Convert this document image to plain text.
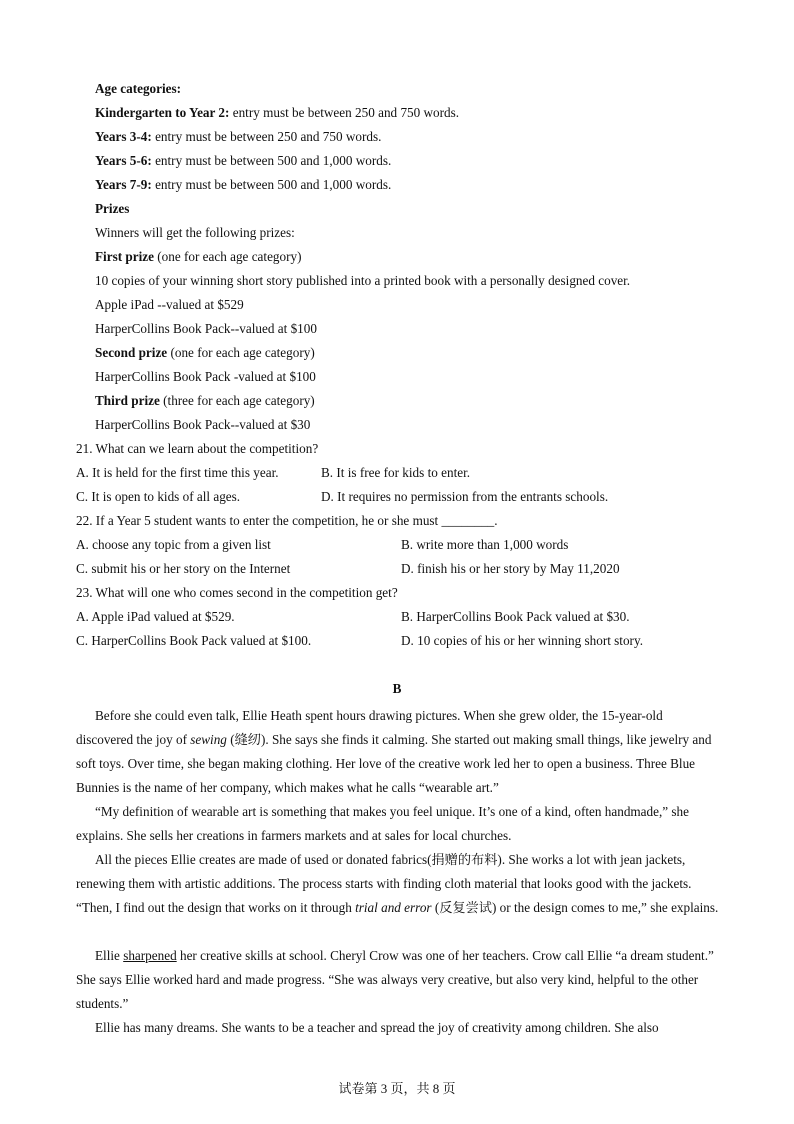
Age categories:
Kindergarten to Year 2: entry must be between 250 and 750 words.
Years 3-4: entry must be between 250 and 750 words.
Years 5-6: entry must be between 500 and 1,000 words.
Years 7-9: entry must be between 500 and 1,000 words.
Prizes
Winners will get the following prizes:
First prize (one for each age category)
10 copies of your winning short story published into a printed book with a personally designed cover.
Apple iPad --valued at $529
HarperCollins Book Pack--valued at $100
Second prize (one for each age category)
HarperCollins Book Pack -valued at $100
Third prize (three for each age category)
HarperCollins Book Pack--valued at $30
21. What can we learn about the competition?
A. It is held for the first time this year.	B. It is free for kids to enter.
C. It is open to kids of all ages.	D. It requires no permission from the entrants schools.
22. If a Year 5 student wants to enter the competition, he or she must ________.
A. choose any topic from a given list	B. write more than 1,000 words
C. submit his or her story on the Internet	D. finish his or her story by May 11,2020
23. What will one who comes second in the competition get?
A. Apple iPad valued at $529.	B. HarperCollins Book Pack valued at $30.
C. HarperCollins Book Pack valued at $100.	D. 10 copies of his or her winning short story.
B
Before she could even talk, Ellie Heath spent hours drawing pictures. When she grew older, the 15-year-old discovered the joy of sewing (缝纫). She says she finds it calming. She started out making small things, like jewelry and soft toys. Over time, she began making clothing. Her love of the creative work led her to open a business. Three Blue Bunnies is the name of her company, which makes what he calls “wearable art.”
“My definition of wearable art is something that makes you feel unique. It’s one of a kind, often handmade,” she explains. She sells her creations in farmers markets and at sales for local churches.
All the pieces Ellie creates are made of used or donated fabrics(捐赠的布料). She works a lot with jean jackets, renewing them with artistic additions. The process starts with finding cloth material that looks good with the jackets. “Then, I find out the design that works on it through trial and error (反复尝试) or the design comes to me,” she explains.
Ellie sharpened her creative skills at school. Cheryl Crow was one of her teachers. Crow call Ellie “a dream student.” She says Ellie worked hard and made progress. “She was always very creative, but also very kind, helpful to the other students.”
Ellie has many dreams. She wants to be a teacher and spread the joy of creativity among children. She also
试卷第 3 页，共 8 页
